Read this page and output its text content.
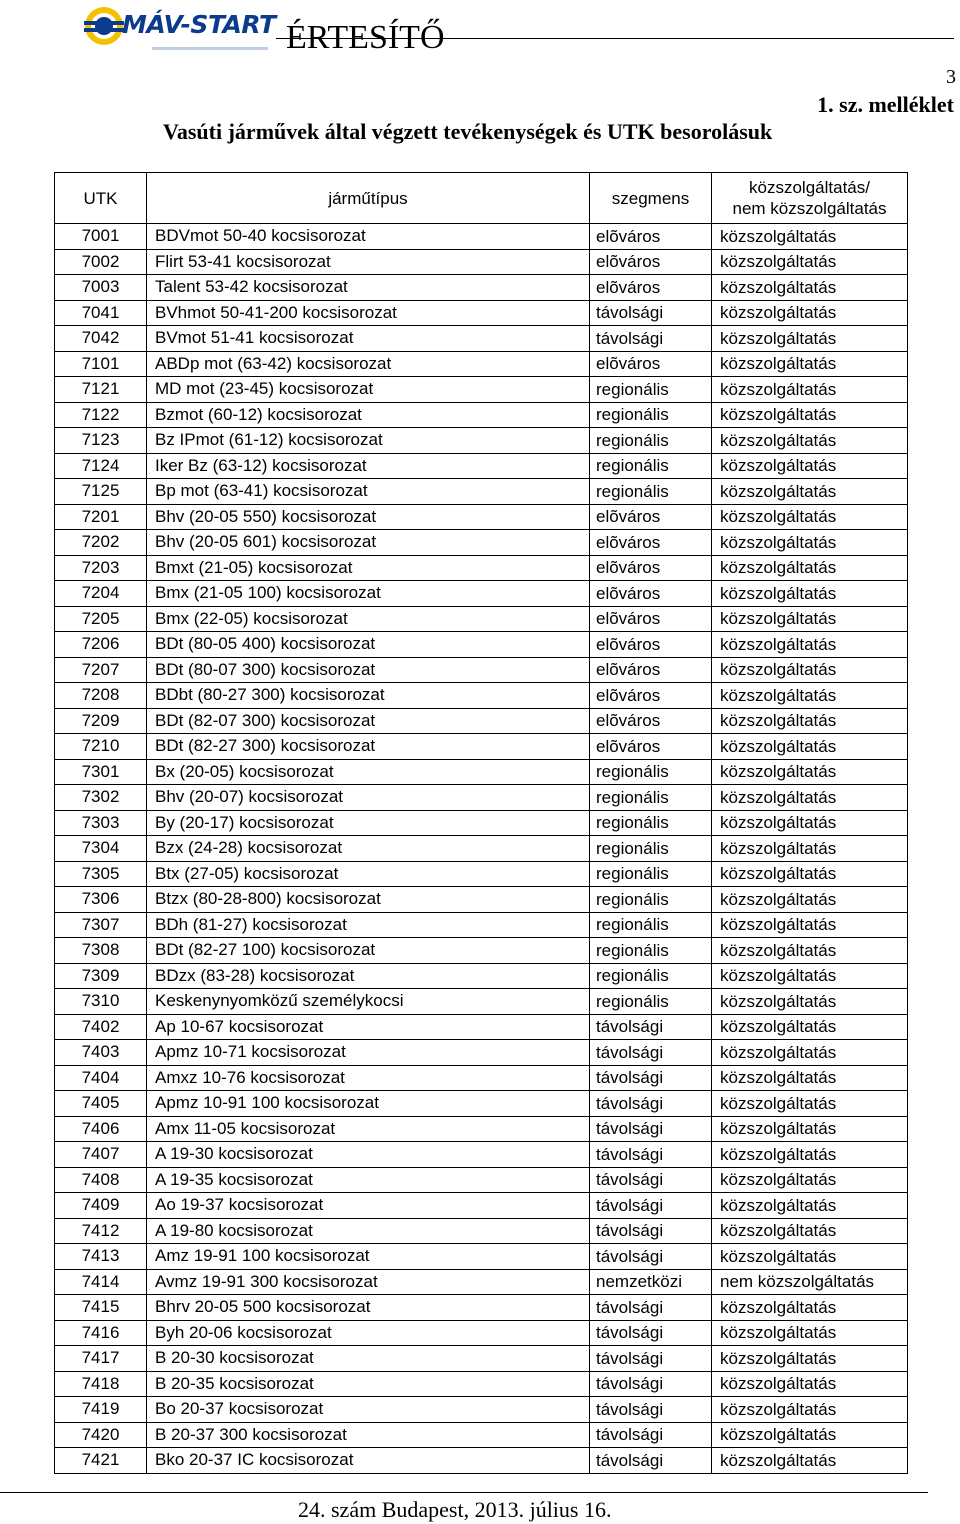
MÁV-START ÉRTESÍTŐ
3
1. sz. melléklet
Vasúti járművek által végzett tevékenységek és UTK besorolásuk
UTK	járműtípus	szegmens	közszolgáltatás/
nem közszolgáltatás

7001	BDVmot 50-40 kocsisorozat	elõváros	közszolgáltatás
7002	Flirt 53-41 kocsisorozat	elõváros	közszolgáltatás
7003	Talent 53-42 kocsisorozat	elõváros	közszolgáltatás
7041	BVhmot 50-41-200 kocsisorozat	távolsági	közszolgáltatás
7042	BVmot 51-41 kocsisorozat	távolsági	közszolgáltatás
7101	ABDp mot (63-42) kocsisorozat	elõváros	közszolgáltatás
7121	MD mot (23-45) kocsisorozat	regionális	közszolgáltatás
7122	Bzmot (60-12) kocsisorozat	regionális	közszolgáltatás
7123	Bz IPmot (61-12) kocsisorozat	regionális	közszolgáltatás
7124	Iker Bz (63-12) kocsisorozat	regionális	közszolgáltatás
7125	Bp mot (63-41) kocsisorozat	regionális	közszolgáltatás
7201	Bhv (20-05 550) kocsisorozat	elõváros	közszolgáltatás
7202	Bhv (20-05 601) kocsisorozat	elõváros	közszolgáltatás
7203	Bmxt (21-05) kocsisorozat	elõváros	közszolgáltatás
7204	Bmx (21-05 100) kocsisorozat	elõváros	közszolgáltatás
7205	Bmx (22-05) kocsisorozat	elõváros	közszolgáltatás
7206	BDt (80-05 400) kocsisorozat	elõváros	közszolgáltatás
7207	BDt (80-07 300) kocsisorozat	elõváros	közszolgáltatás
7208	BDbt (80-27 300) kocsisorozat	elõváros	közszolgáltatás
7209	BDt (82-07 300) kocsisorozat	elõváros	közszolgáltatás
7210	BDt (82-27 300) kocsisorozat	elõváros	közszolgáltatás
7301	Bx (20-05) kocsisorozat	regionális	közszolgáltatás
7302	Bhv (20-07) kocsisorozat	regionális	közszolgáltatás
7303	By (20-17) kocsisorozat	regionális	közszolgáltatás
7304	Bzx (24-28) kocsisorozat	regionális	közszolgáltatás
7305	Btx (27-05) kocsisorozat	regionális	közszolgáltatás
7306	Btzx (80-28-800) kocsisorozat	regionális	közszolgáltatás
7307	BDh (81-27) kocsisorozat	regionális	közszolgáltatás
7308	BDt (82-27 100) kocsisorozat	regionális	közszolgáltatás
7309	BDzx (83-28) kocsisorozat	regionális	közszolgáltatás
7310	Keskenynyomközű személykocsi	regionális	közszolgáltatás
7402	Ap 10-67 kocsisorozat	távolsági	közszolgáltatás
7403	Apmz 10-71 kocsisorozat	távolsági	közszolgáltatás
7404	Amxz 10-76 kocsisorozat	távolsági	közszolgáltatás
7405	Apmz 10-91 100 kocsisorozat	távolsági	közszolgáltatás
7406	Amx 11-05 kocsisorozat	távolsági	közszolgáltatás
7407	A 19-30 kocsisorozat	távolsági	közszolgáltatás
7408	A 19-35 kocsisorozat	távolsági	közszolgáltatás
7409	Ao 19-37 kocsisorozat	távolsági	közszolgáltatás
7412	A 19-80 kocsisorozat	távolsági	közszolgáltatás
7413	Amz 19-91 100 kocsisorozat	távolsági	közszolgáltatás
7414	Avmz 19-91 300 kocsisorozat	nemzetközi	nem közszolgáltatás
7415	Bhrv 20-05 500 kocsisorozat	távolsági	közszolgáltatás
7416	Byh 20-06 kocsisorozat	távolsági	közszolgáltatás
7417	B 20-30 kocsisorozat	távolsági	közszolgáltatás
7418	B 20-35 kocsisorozat	távolsági	közszolgáltatás
7419	Bo 20-37 kocsisorozat	távolsági	közszolgáltatás
7420	B 20-37 300 kocsisorozat	távolsági	közszolgáltatás
7421	Bko 20-37 IC kocsisorozat	távolsági	közszolgáltatás
24. szám Budapest, 2013. július 16.
